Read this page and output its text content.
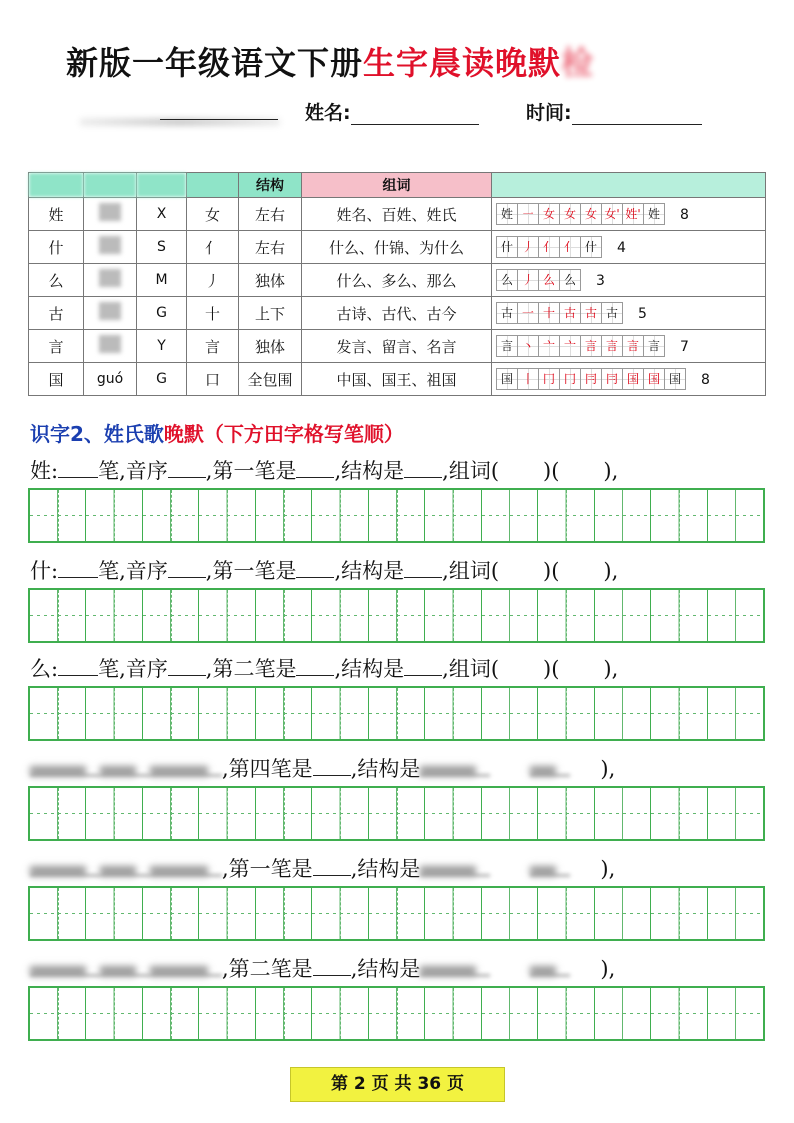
新版一年级语文下册生字晨读晚默检
姓名:	时间:
				结构	组词	
姓		X	女	左右	姓名、百姓、姓氏	姓 ㇐ 女 女 女 女' 姓' 姓 8

什		S	亻	左右	什么、什锦、为什么	什 丿 亻 亻 什 4

么		M	丿	独体	什么、多么、那么	么 丿 么 么 3

古		G	十	上下	古诗、古代、古今	古 一 十 古 古 古 5

言		Y	言	独体	发言、留言、名言	言 丶 亠 亠 言 言 言 言 7

国	guó	G	口	全包围	中国、国王、祖国	国 丨 冂 冂 冃 冃 国 国 国 8
识字2、姓氏歌晚默（下方田字格写笔顺）
姓: 笔,音序 ,第一笔是 ,结构是 ,组词( )( ),
什: 笔,音序 ,第一笔是 ,结构是 ,组词( )( ),
么: 笔,音序 ,第二笔是 ,结构是 ,组词( )( ),
,第四笔是 ,结构是	),
,第一笔是 ,结构是	),
,第二笔是 ,结构是	),
第 2 页 共 36 页
